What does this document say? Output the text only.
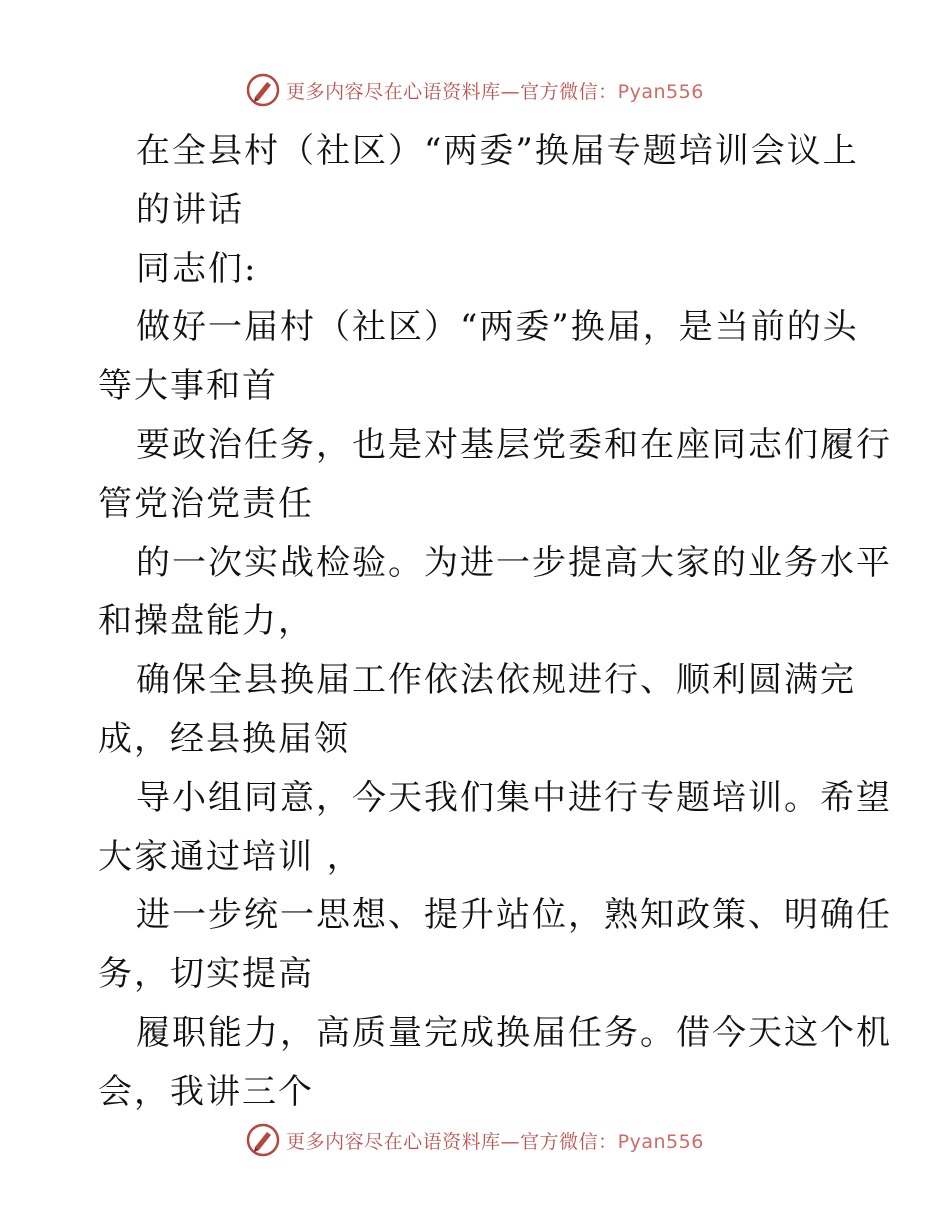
更多内容尽在心语资料库—官方微信：Pyan556
在全县村（社区）“两委”换届专题培训会议上
的讲话
同志们:
做好一届村（社区）“两委”换届，是当前的头
等大事和首
要政治任务，也是对基层党委和在座同志们履行
管党治党责任
的一次实战检验。为进一步提高大家的业务水平
和操盘能力，
确保全县换届工作依法依规进行、顺利圆满完
成，经县换届领
导小组同意，今天我们集中进行专题培训。希望
大家通过培训 ，
进一步统一思想、提升站位，熟知政策、明确任
务，切实提高
履职能力，高质量完成换届任务。借今天这个机
会，我讲三个
更多内容尽在心语资料库—官方微信：Pyan556
